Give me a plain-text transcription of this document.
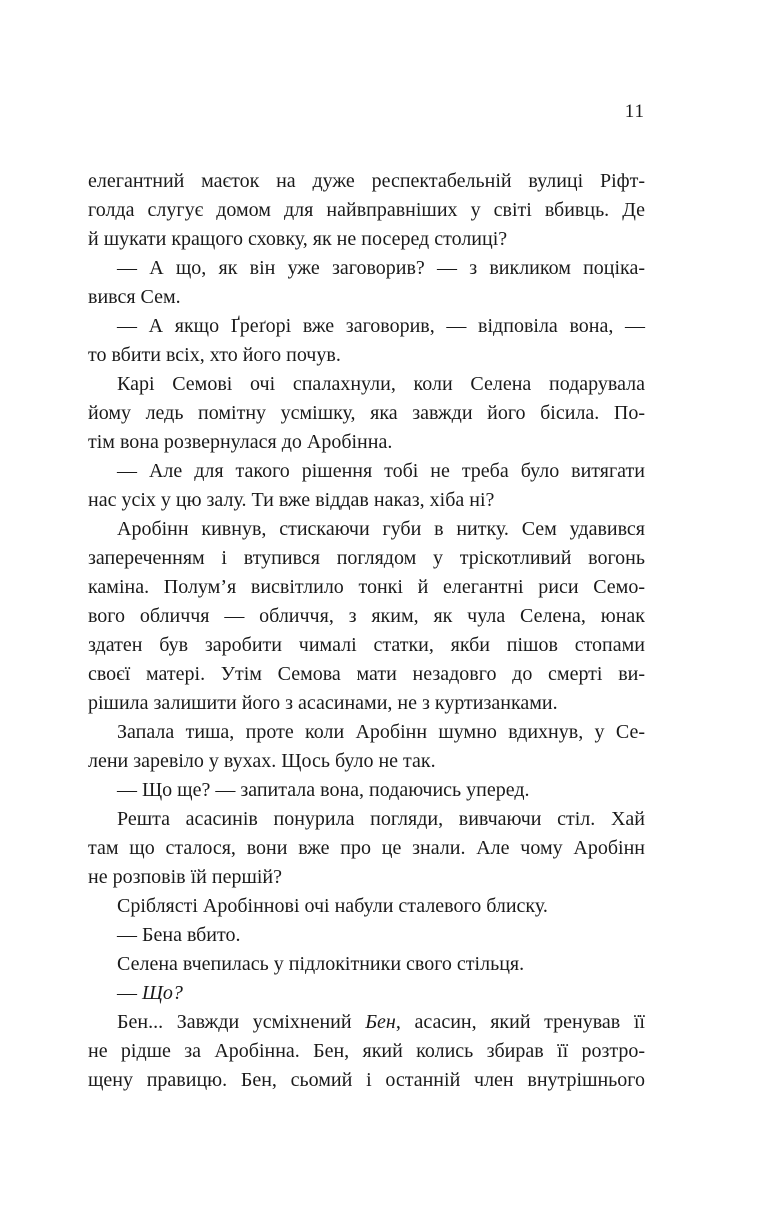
11
елегантний маєток на дуже респектабельній вулиці Ріфт-
голда слугує домом для найвправніших у світі вбивць. Де
й шукати кращого сховку, як не посеред столиці?
— А що, як він уже заговорив? — з викликом поціка-
вився Сем.
— А якщо Ґреґорі вже заговорив, — відповіла вона, —
то вбити всіх, хто його почув.
Карі Семові очі спалахнули, коли Селена подарувала
йому ледь помітну усмішку, яка завжди його бісила. По-
тім вона розвернулася до Аробінна.
— Але для такого рішення тобі не треба було витягати
нас усіх у цю залу. Ти вже віддав наказ, хіба ні?
Аробінн кивнув, стискаючи губи в нитку. Сем удавився
запереченням і втупився поглядом у тріскотливий вогонь
каміна. Полум’я висвітлило тонкі й елегантні риси Семо-
вого обличчя — обличчя, з яким, як чула Селена, юнак
здатен був заробити чималі статки, якби пішов стопами
своєї матері. Утім Семова мати незадовго до смерті ви-
рішила залишити його з асасинами, не з куртизанками.
Запала тиша, проте коли Аробінн шумно вдихнув, у Се-
лени заревіло у вухах. Щось було не так.
— Що ще? — запитала вона, подаючись уперед.
Решта асасинів понурила погляди, вивчаючи стіл. Хай
там що сталося, вони вже про це знали. Але чому Аробінн
не розповів їй першій?
Сріблясті Аробіннові очі набули сталевого блиску.
— Бена вбито.
Селена вчепилась у підлокітники свого стільця.
— Що?
Бен... Завжди усміхнений Бен, асасин, який тренував її
не рідше за Аробінна. Бен, який колись збирав її розтро-
щену правицю. Бен, сьомий і останній член внутрішнього
